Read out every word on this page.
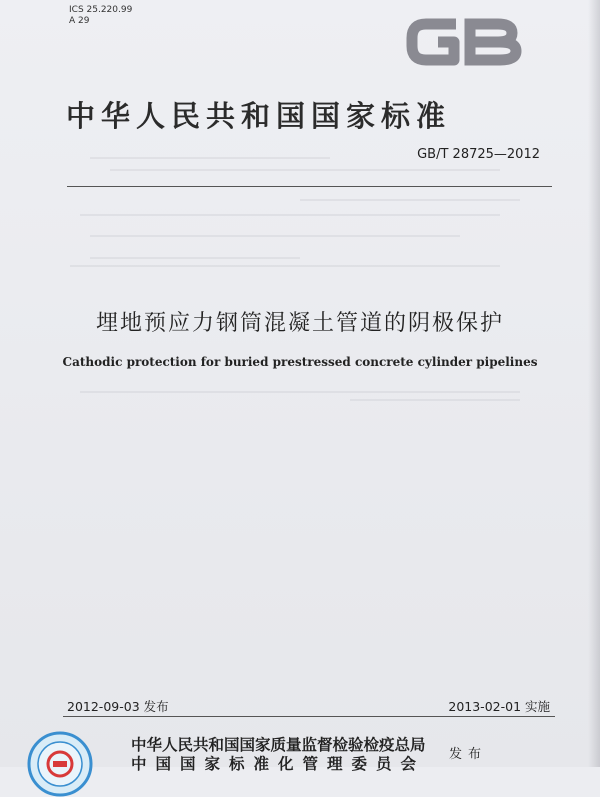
ICS 25.220.99
A 29
中华人民共和国国家标准
GB/T 28725—2012
埋地预应力钢筒混凝土管道的阴极保护
Cathodic protection for buried prestressed concrete cylinder pipelines
2012-09-03 发布	2013-02-01 实施
中华人民共和国国家质量监督检验检疫总局
中国国家标准化管理委员会 发布
